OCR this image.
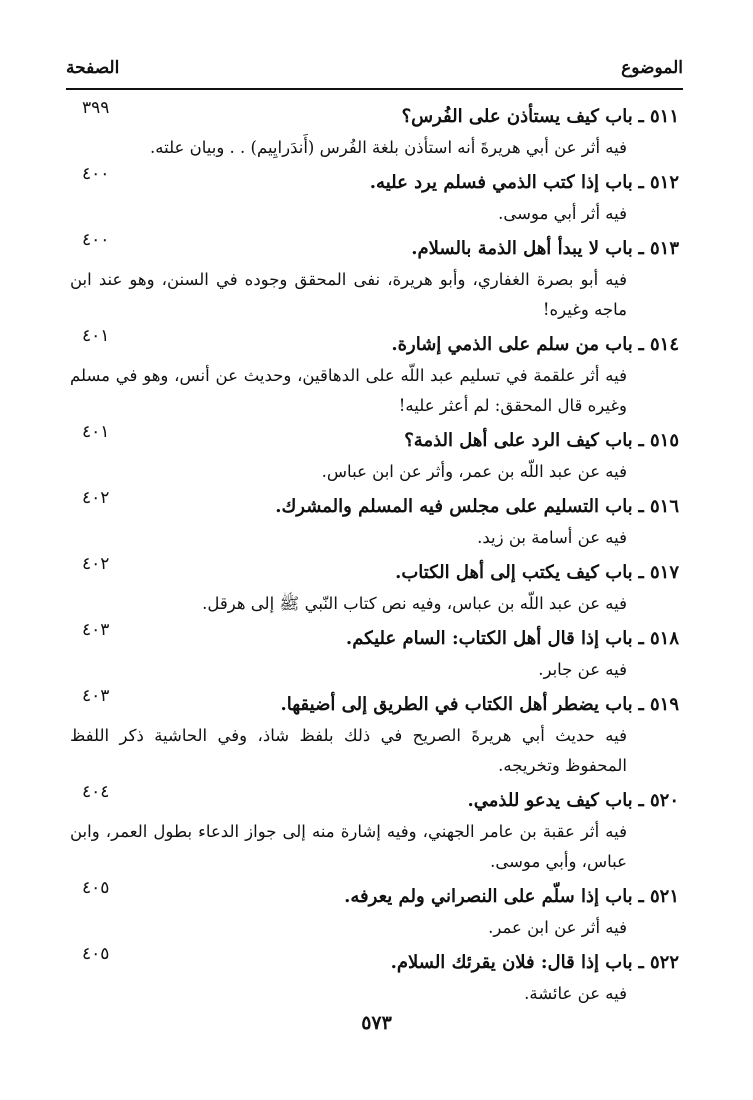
الموضوع
الصفحة
٥١١ ـ باب كيف يستأذن على الفُرس؟
٣٩٩
فيه أثر عن أبي هريرةَ أنه استأذن بلغة الفُرس (أَندَرايِيم) . . وبيان علته.
٥١٢ ـ باب إذا كتب الذمي فسلم يرد عليه.
٤٠٠
فيه أثر أبي موسى.
٥١٣ ـ باب لا يبدأ أهل الذمة بالسلام.
٤٠٠
فيه أبو بصرة الغفاري، وأبو هريرة، نفى المحقق وجوده في السنن، وهو عند ابن ماجه وغيره!
٥١٤ ـ باب من سلم على الذمي إشارة.
٤٠١
فيه أثر علقمة في تسليم عبد اللّه على الدهاقين، وحديث عن أنس، وهو في مسلم وغيره قال المحقق: لم أعثر عليه!
٥١٥ ـ باب كيف الرد على أهل الذمة؟
٤٠١
فيه عن عبد اللّه بن عمر، وأثر عن ابن عباس.
٥١٦ ـ باب التسليم على مجلس فيه المسلم والمشرك.
٤٠٢
فيه عن أسامة بن زيد.
٥١٧ ـ باب كيف يكتب إلى أهل الكتاب.
٤٠٢
فيه عن عبد اللّه بن عباس، وفيه نص كتاب النّبي ﷺ إلى هرقل.
٥١٨ ـ باب إذا قال أهل الكتاب: السام عليكم.
٤٠٣
فيه عن جابر.
٥١٩ ـ باب يضطر أهل الكتاب في الطريق إلى أضيقها.
٤٠٣
فيه حديث أبي هريرةَ الصريح في ذلك بلفظ شاذ، وفي الحاشية ذكر اللفظ المحفوظ وتخريجه.
٥٢٠ ـ باب كيف يدعو للذمي.
٤٠٤
فيه أثر عقبة بن عامر الجهني، وفيه إشارة منه إلى جواز الدعاء بطول العمر، وابن عباس، وأبي موسى.
٥٢١ ـ باب إذا سلّم على النصراني ولم يعرفه.
٤٠٥
فيه أثر عن ابن عمر.
٥٢٢ ـ باب إذا قال: فلان يقرئك السلام.
٤٠٥
فيه عن عائشة.
٥٧٣
